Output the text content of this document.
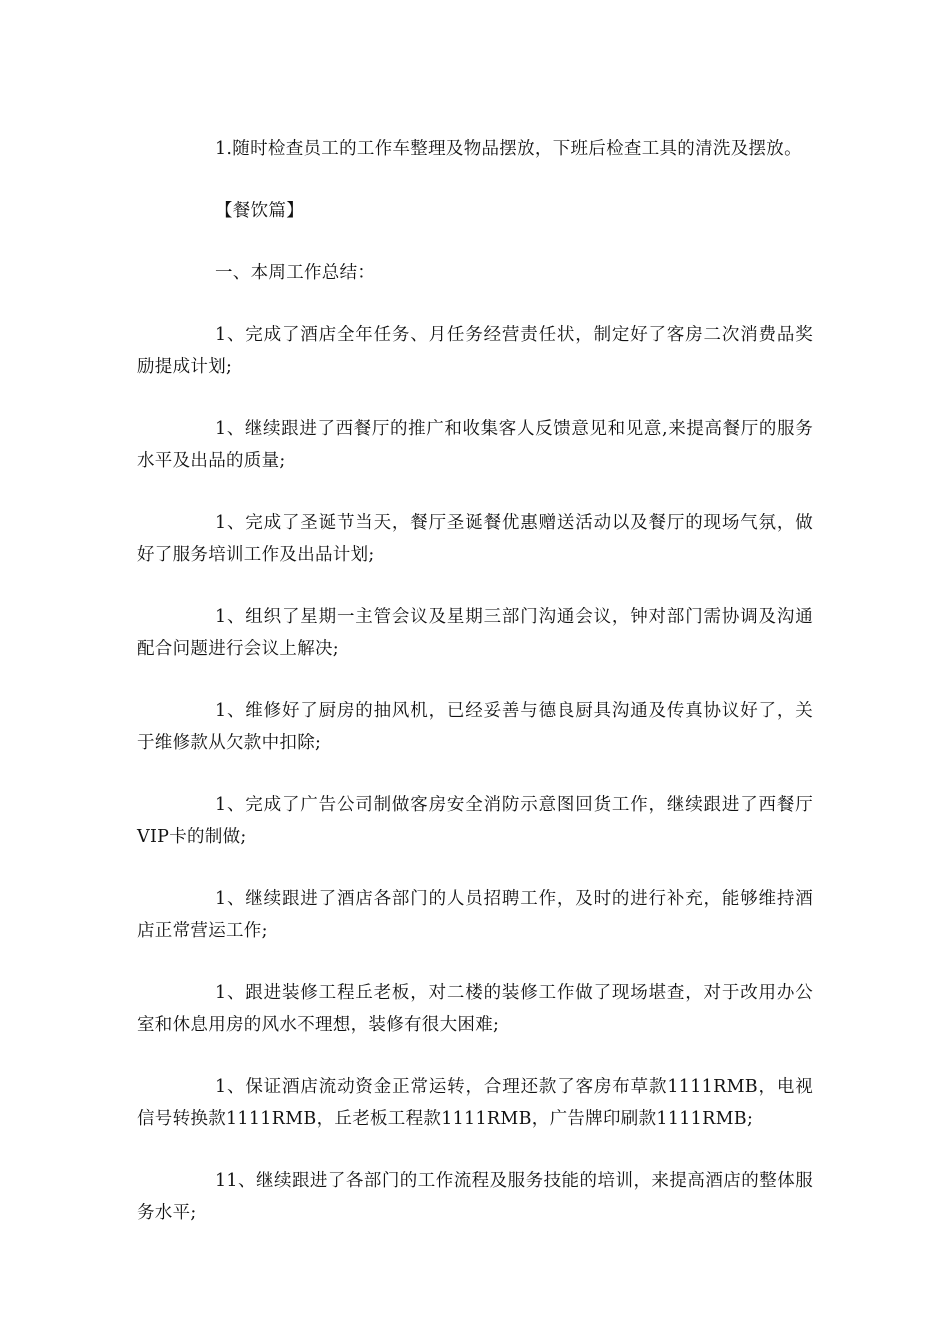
1.随时检查员工的工作车整理及物品摆放，下班后检查工具的清洗及摆放。

【餐饮篇】

一、本周工作总结：

1、完成了酒店全年任务、月任务经营责任状，制定好了客房二次消费品奖励提成计划;

1、继续跟进了西餐厅的推广和收集客人反馈意见和见意,来提高餐厅的服务水平及出品的质量;

1、完成了圣诞节当天，餐厅圣诞餐优惠赠送活动以及餐厅的现场气氛，做好了服务培训工作及出品计划;

1、组织了星期一主管会议及星期三部门沟通会议，钟对部门需协调及沟通配合问题进行会议上解决;

1、维修好了厨房的抽风机，已经妥善与德良厨具沟通及传真协议好了，关于维修款从欠款中扣除;

1、完成了广告公司制做客房安全消防示意图回货工作，继续跟进了西餐厅VIP卡的制做;

1、继续跟进了酒店各部门的人员招聘工作，及时的进行补充，能够维持酒店正常营运工作;

1、跟进装修工程丘老板，对二楼的装修工作做了现场堪查，对于改用办公室和休息用房的风水不理想，装修有很大困难;

1、保证酒店流动资金正常运转，合理还款了客房布草款1111RMB，电视信号转换款1111RMB，丘老板工程款1111RMB，广告牌印刷款1111RMB;

11、继续跟进了各部门的工作流程及服务技能的培训，来提高酒店的整体服务水平;
